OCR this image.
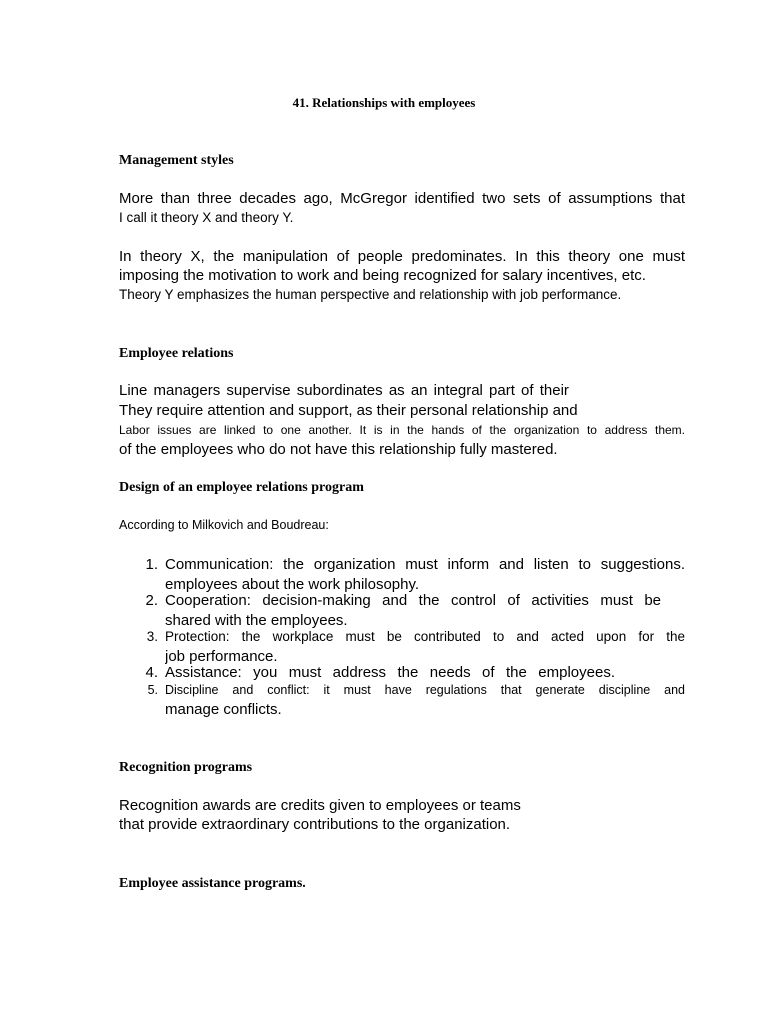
41. Relationships with employees
Management styles
More than three decades ago, McGregor identified two sets of assumptions that
I call it theory X and theory Y.
In theory X, the manipulation of people predominates. In this theory one must
imposing the motivation to work and being recognized for salary incentives, etc.
Theory Y emphasizes the human perspective and relationship with job performance.
Employee relations
Line managers supervise subordinates as an integral part of their
They require attention and support, as their personal relationship and
Labor issues are linked to one another. It is in the hands of the organization to address them.
of the employees who do not have this relationship fully mastered.
Design of an employee relations program
According to Milkovich and Boudreau:
1. Communication: the organization must inform and listen to suggestions.
employees about the work philosophy.
2. Cooperation: decision-making and the control of activities must be
shared with the employees.
3. Protection: the workplace must be contributed to and acted upon for the
job performance.
4. Assistance: you must address the needs of the employees.
5. Discipline and conflict: it must have regulations that generate discipline and
manage conflicts.
Recognition programs
Recognition awards are credits given to employees or teams
that provide extraordinary contributions to the organization.
Employee assistance programs.
